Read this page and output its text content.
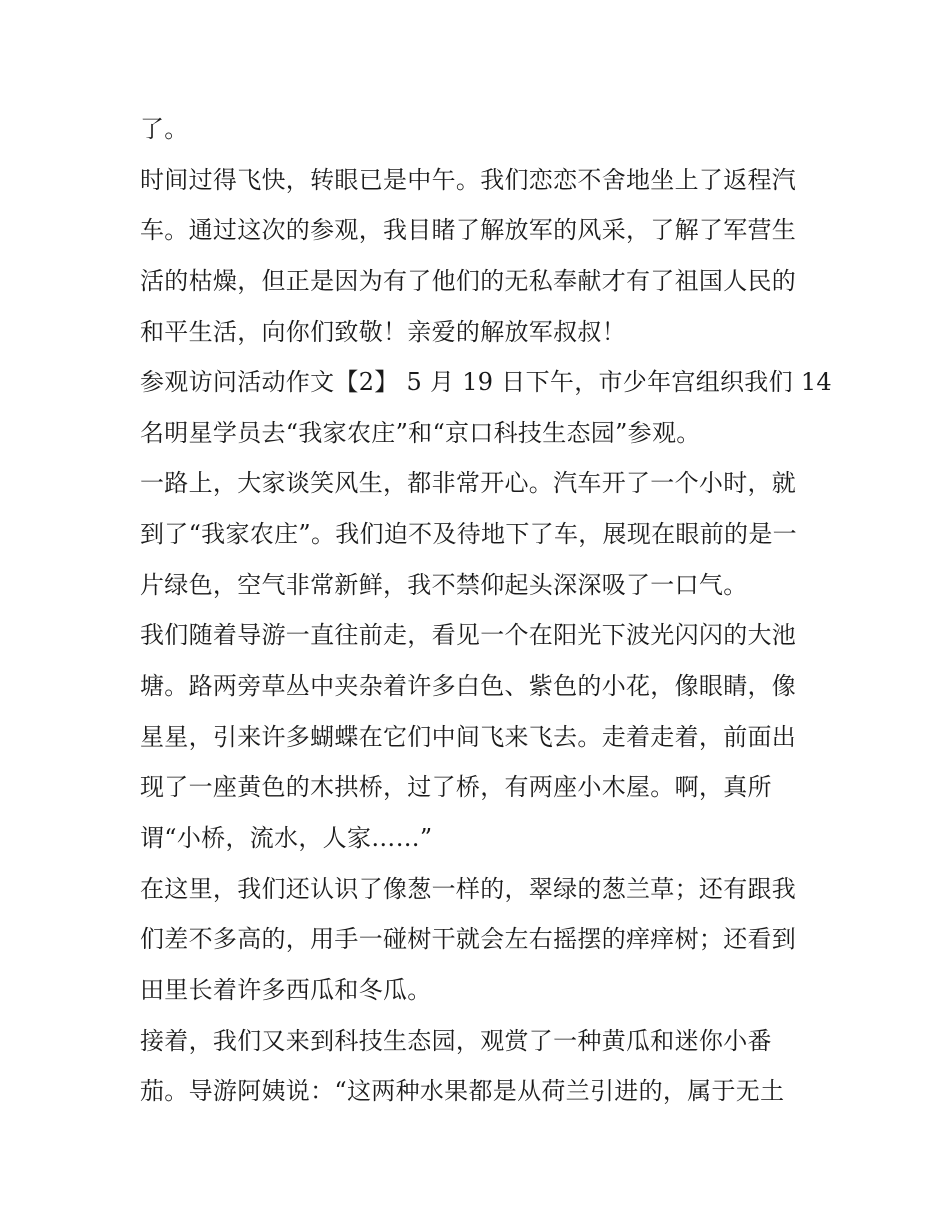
了。
时间过得飞快，转眼已是中午。我们恋恋不舍地坐上了返程汽
车。通过这次的参观，我目睹了解放军的风采，了解了军营生
活的枯燥，但正是因为有了他们的无私奉献才有了祖国人民的
和平生活，向你们致敬！亲爱的解放军叔叔！
参观访问活动作文【2】 5 月 19 日下午，市少年宫组织我们 14
名明星学员去“我家农庄”和“京口科技生态园”参观。
一路上，大家谈笑风生，都非常开心。汽车开了一个小时，就
到了“我家农庄”。我们迫不及待地下了车，展现在眼前的是一
片绿色，空气非常新鲜，我不禁仰起头深深吸了一口气。
我们随着导游一直往前走，看见一个在阳光下波光闪闪的大池
塘。路两旁草丛中夹杂着许多白色、紫色的小花，像眼睛，像
星星，引来许多蝴蝶在它们中间飞来飞去。走着走着，前面出
现了一座黄色的木拱桥，过了桥，有两座小木屋。啊，真所
谓“小桥，流水，人家……”
在这里，我们还认识了像葱一样的，翠绿的葱兰草；还有跟我
们差不多高的，用手一碰树干就会左右摇摆的痒痒树；还看到
田里长着许多西瓜和冬瓜。
接着，我们又来到科技生态园，观赏了一种黄瓜和迷你小番
茄。导游阿姨说：“这两种水果都是从荷兰引进的，属于无土
